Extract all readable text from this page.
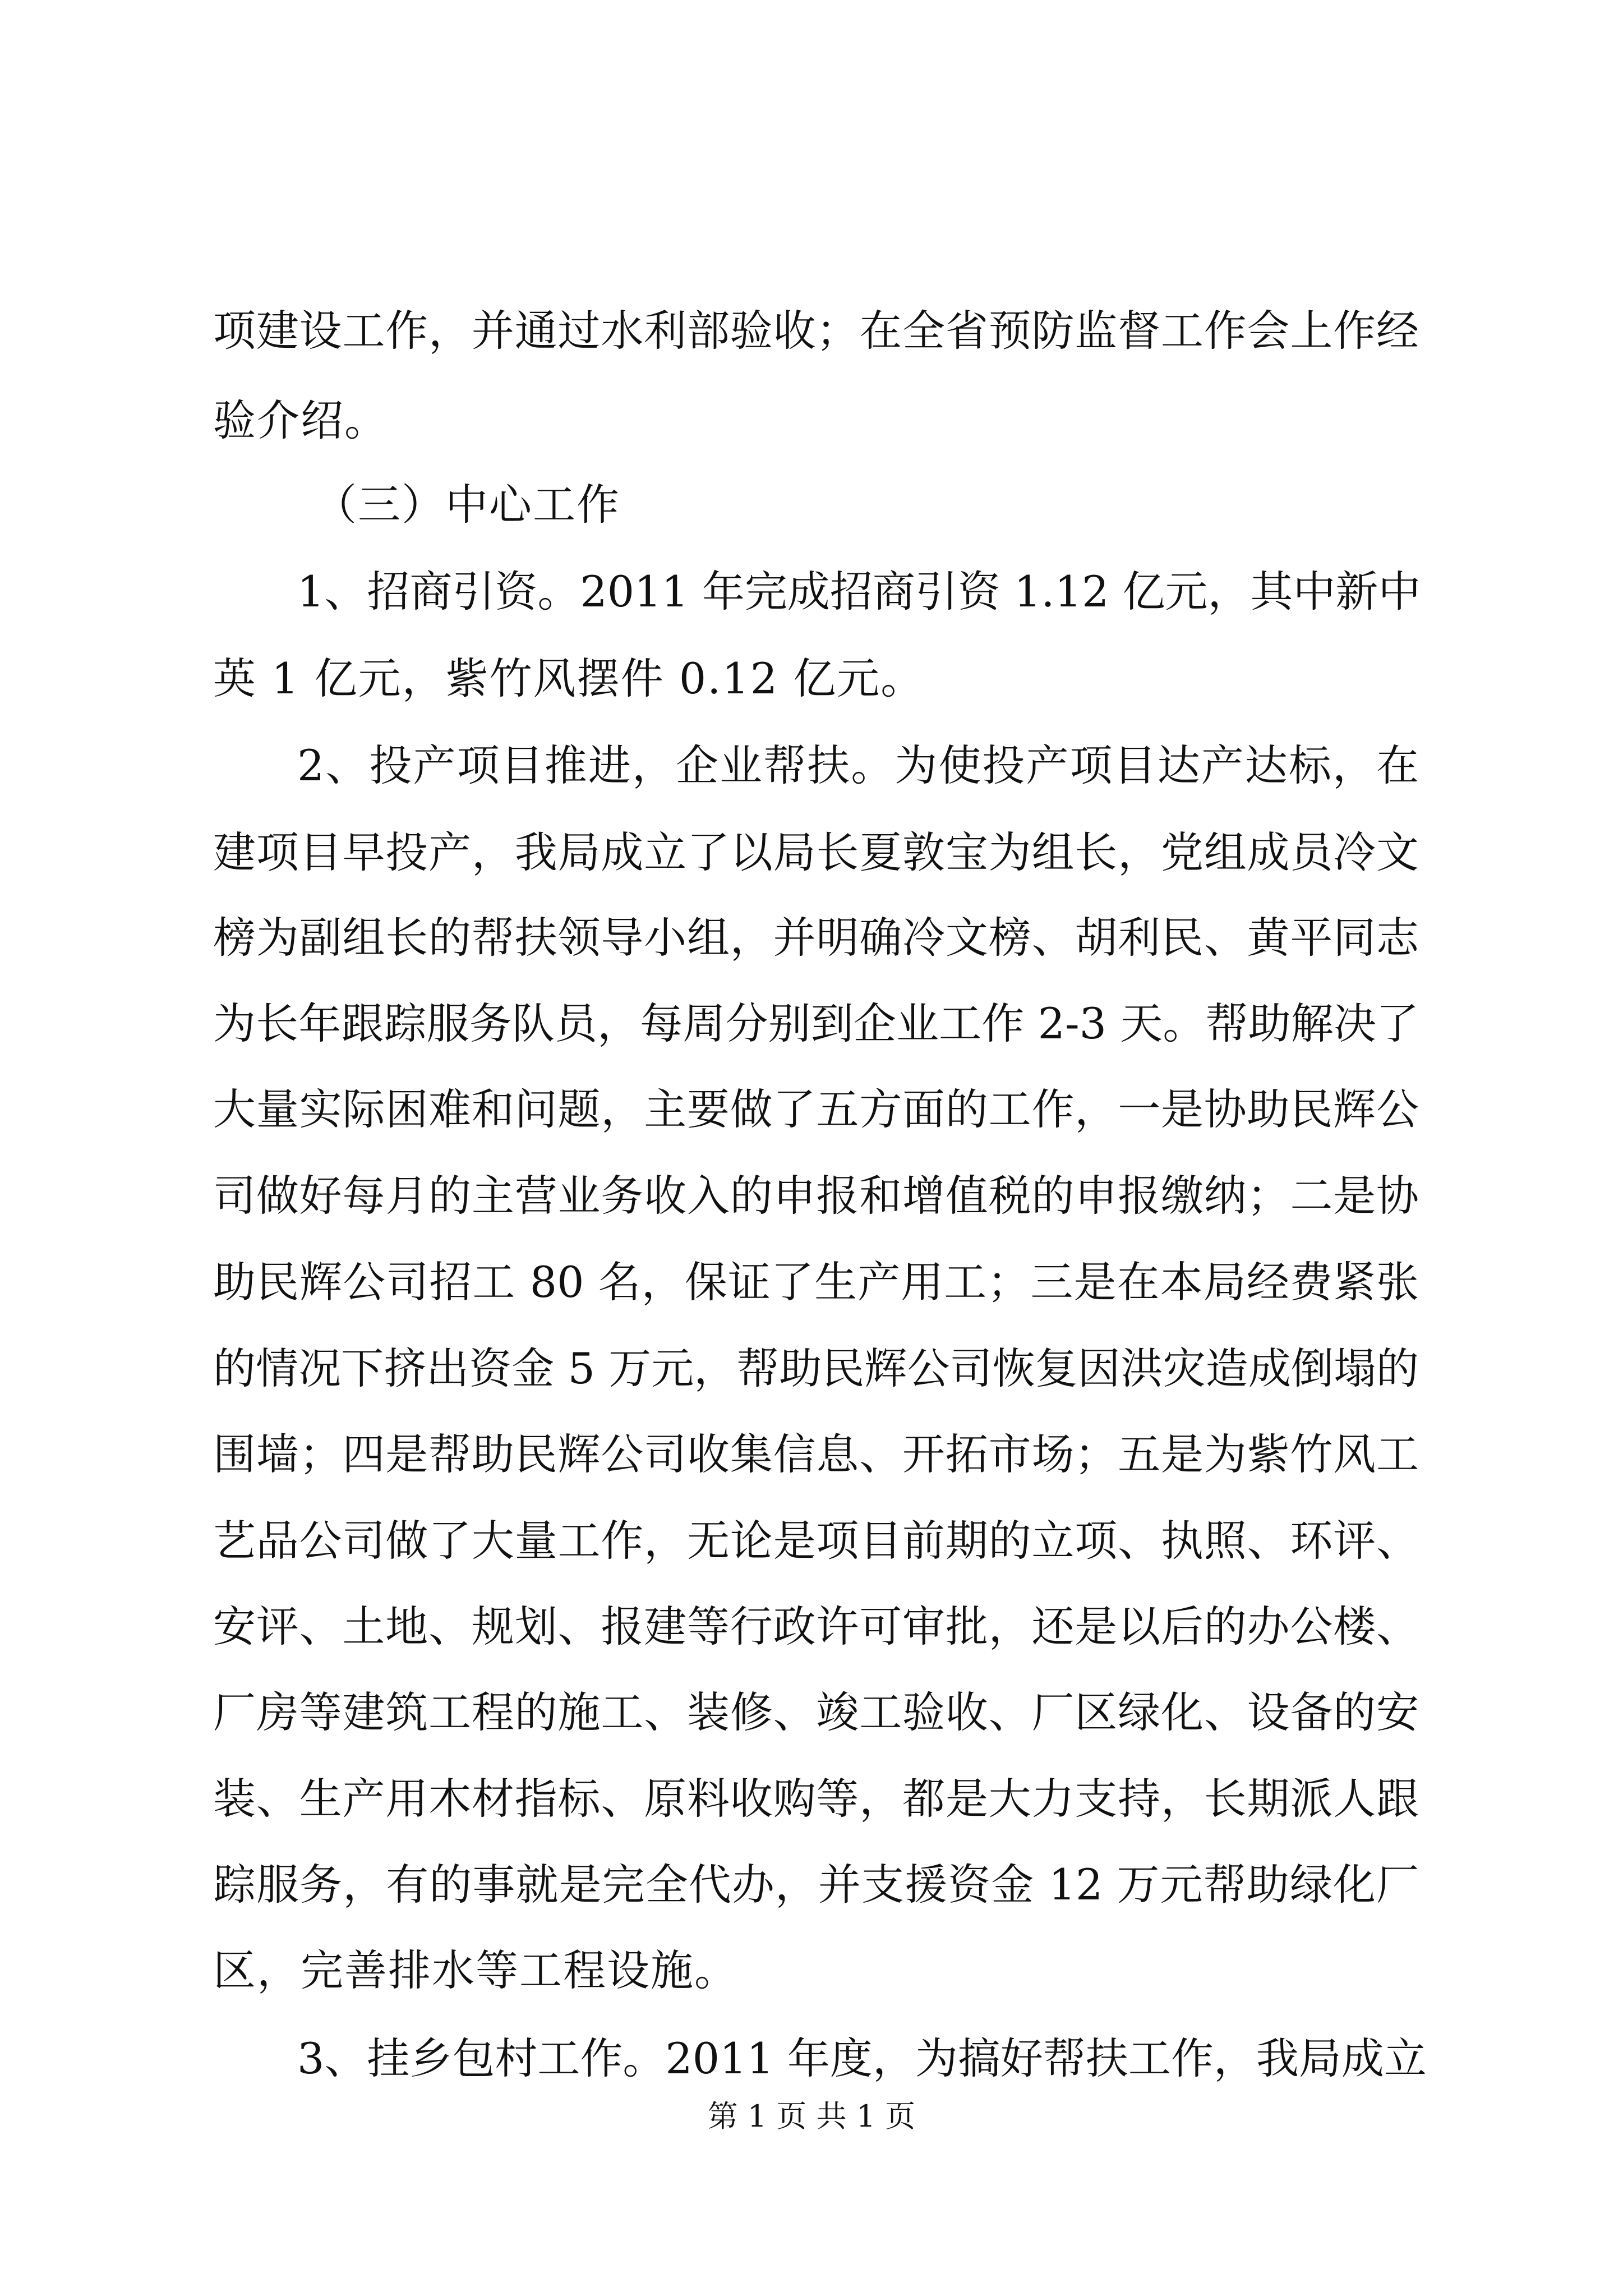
项建设工作，并通过水利部验收；在全省预防监督工作会上作经
验介绍。
（三）中心工作
1、招商引资。2011 年完成招商引资 1.12 亿元，其中新中
英 1 亿元，紫竹风摆件 0.12 亿元。
2、投产项目推进，企业帮扶。为使投产项目达产达标，在
建项目早投产，我局成立了以局长夏敦宝为组长，党组成员冷文
榜为副组长的帮扶领导小组，并明确冷文榜、胡利民、黄平同志
为长年跟踪服务队员，每周分别到企业工作 2-3 天。帮助解决了
大量实际困难和问题，主要做了五方面的工作，一是协助民辉公
司做好每月的主营业务收入的申报和增值税的申报缴纳；二是协
助民辉公司招工 80 名，保证了生产用工；三是在本局经费紧张
的情况下挤出资金 5 万元，帮助民辉公司恢复因洪灾造成倒塌的
围墙；四是帮助民辉公司收集信息、开拓市场；五是为紫竹风工
艺品公司做了大量工作，无论是项目前期的立项、执照、环评、
安评、土地、规划、报建等行政许可审批，还是以后的办公楼、
厂房等建筑工程的施工、装修、竣工验收、厂区绿化、设备的安
装、生产用木材指标、原料收购等，都是大力支持，长期派人跟
踪服务，有的事就是完全代办，并支援资金 12 万元帮助绿化厂
区，完善排水等工程设施。
3、挂乡包村工作。2011 年度，为搞好帮扶工作，我局成立
第 1 页 共 1 页
